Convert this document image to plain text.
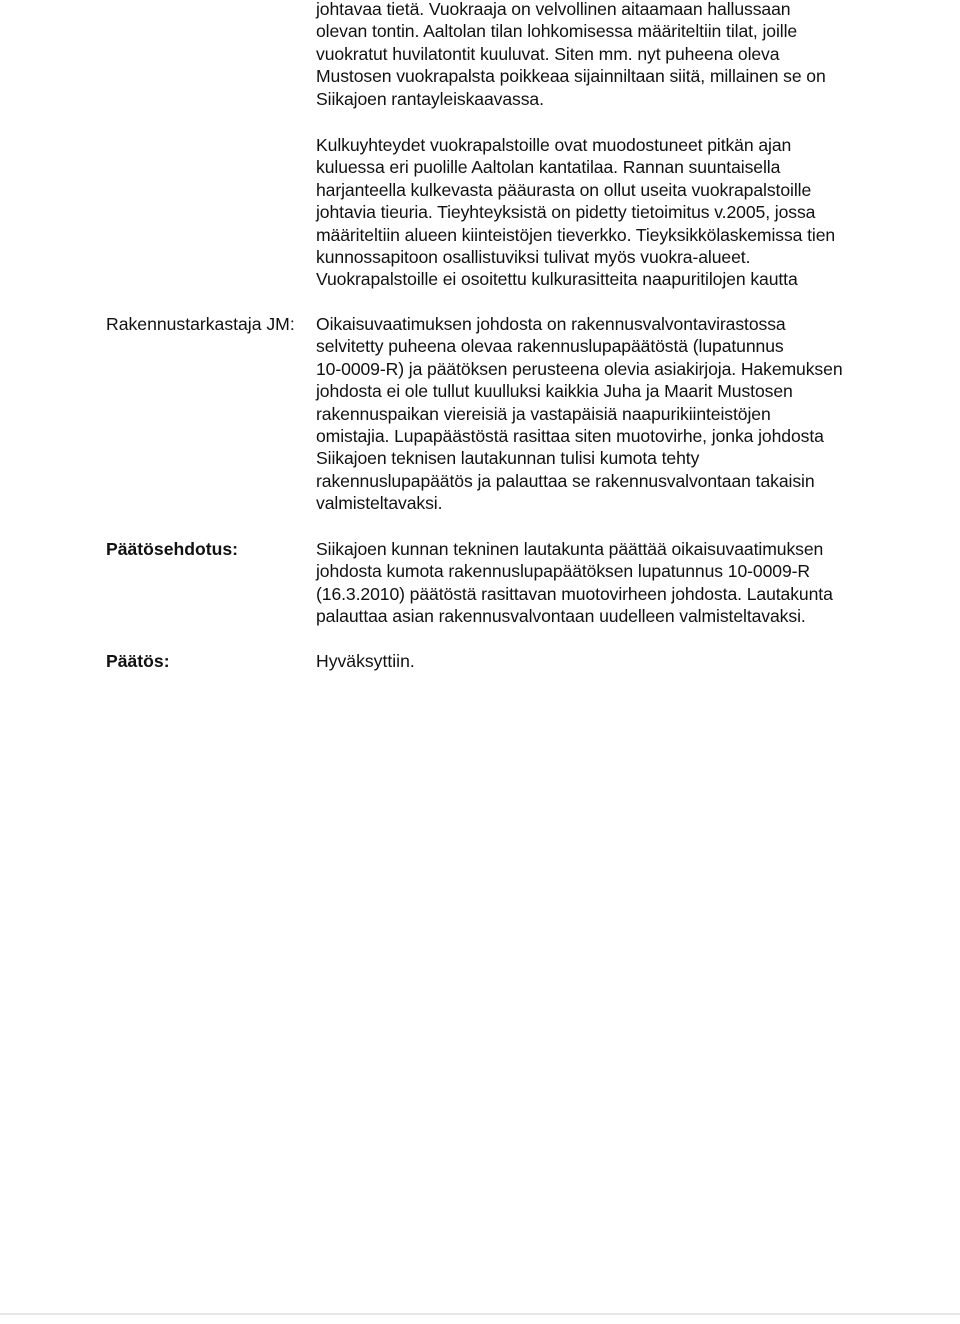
johtavaa tietä. Vuokraaja on velvollinen aitaamaan hallussaan
olevan tontin. Aaltolan tilan lohkomisessa määriteltiin tilat, joille
vuokratut huvilatontit kuuluvat. Siten mm. nyt puheena oleva
Mustosen vuokrapalsta poikkeaa sijainniltaan siitä, millainen se on
Siikajoen rantayleiskaavassa.
Kulkuyhteydet vuokrapalstoille ovat muodostuneet pitkän ajan
kuluessa eri puolille Aaltolan kantatilaa. Rannan suuntaisella
harjanteella kulkevasta pääurasta on ollut useita vuokrapalstoille
johtavia tieuria. Tieyhteyksistä on pidetty tietoimitus v.2005, jossa
määriteltiin alueen kiinteistöjen tieverkko. Tieyksikkölaskemissa tien
kunnossapitoon osallistuviksi tulivat myös vuokra-alueet.
Vuokrapalstoille ei osoitettu kulkurasitteita naapuritilojen kautta
Rakennustarkastaja JM: Oikaisuvaatimuksen johdosta on rakennusvalvontavirastossa
selvitetty puheena olevaa rakennuslupapäätöstä (lupatunnus
10-0009-R) ja päätöksen perusteena olevia asiakirjoja. Hakemuksen
johdosta ei ole tullut kuulluksi kaikkia Juha ja Maarit Mustosen
rakennuspaikan viereisiä ja vastapäisiä naapurikiinteistöjen
omistajia. Lupapäästöstä rasittaa siten muotovirhe, jonka johdosta
Siikajoen teknisen lautakunnan tulisi kumota tehty
rakennuslupapäätös ja palauttaa se rakennusvalvontaan takaisin
valmisteltavaksi.
Päätösehdotus:	Siikajoen kunnan tekninen lautakunta päättää oikaisuvaatimuksen
johdosta kumota rakennuslupapäätöksen lupatunnus 10-0009-R
(16.3.2010) päätöstä rasittavan muotovirheen johdosta. Lautakunta
palauttaa asian rakennusvalvontaan uudelleen valmisteltavaksi.
Päätös:	Hyväksyttiin.
